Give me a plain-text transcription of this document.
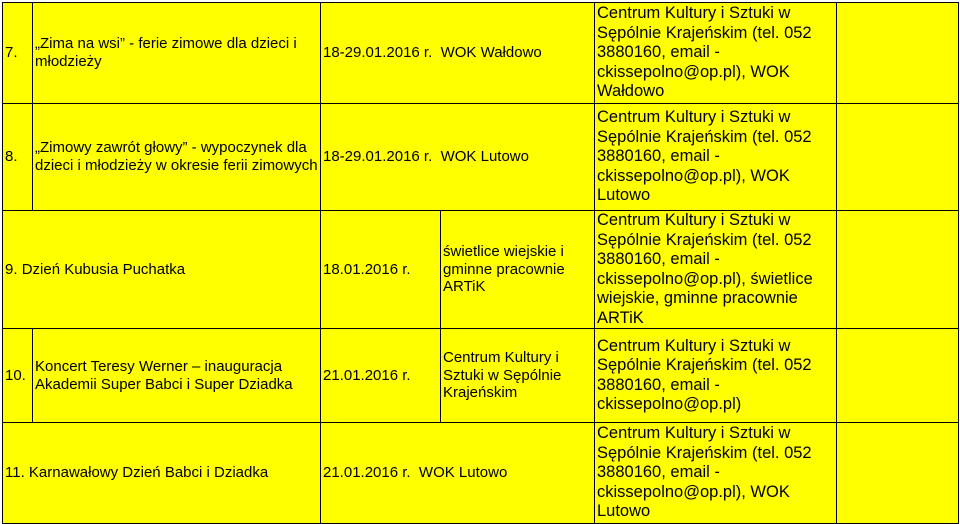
7.	„Zima na wsi” - ferie zimowe dla dzieci i młodzieży	18-29.01.2016 r. WOK Wałdowo		Centrum Kultury i Sztuki w Sępólnie Krajeńskim (tel. 052 3880160, email - ckissepolno@op.pl), WOK Wałdowo	
8.	„Zimowy zawrót głowy” - wypoczynek dla dzieci i młodzieży w okresie ferii zimowych	18-29.01.2016 r. WOK Lutowo		Centrum Kultury i Sztuki w Sępólnie Krajeńskim (tel. 052 3880160, email - ckissepolno@op.pl), WOK Lutowo	
9. Dzień Kubusia Puchatka		18.01.2016 r.	świetlice wiejskie i gminne pracownie ARTiK	Centrum Kultury i Sztuki w Sępólnie Krajeńskim (tel. 052 3880160, email - ckissepolno@op.pl), świetlice wiejskie, gminne pracownie ARTiK	
10.	Koncert Teresy Werner – inauguracja Akademii Super Babci i Super Dziadka	21.01.2016 r.	Centrum Kultury i Sztuki w Sępólnie Krajeńskim	Centrum Kultury i Sztuki w Sępólnie Krajeńskim (tel. 052 3880160, email - ckissepolno@op.pl)	
11. Karnawałowy Dzień Babci i Dziadka		21.01.2016 r. WOK Lutowo		Centrum Kultury i Sztuki w Sępólnie Krajeńskim (tel. 052 3880160, email - ckissepolno@op.pl), WOK Lutowo	
